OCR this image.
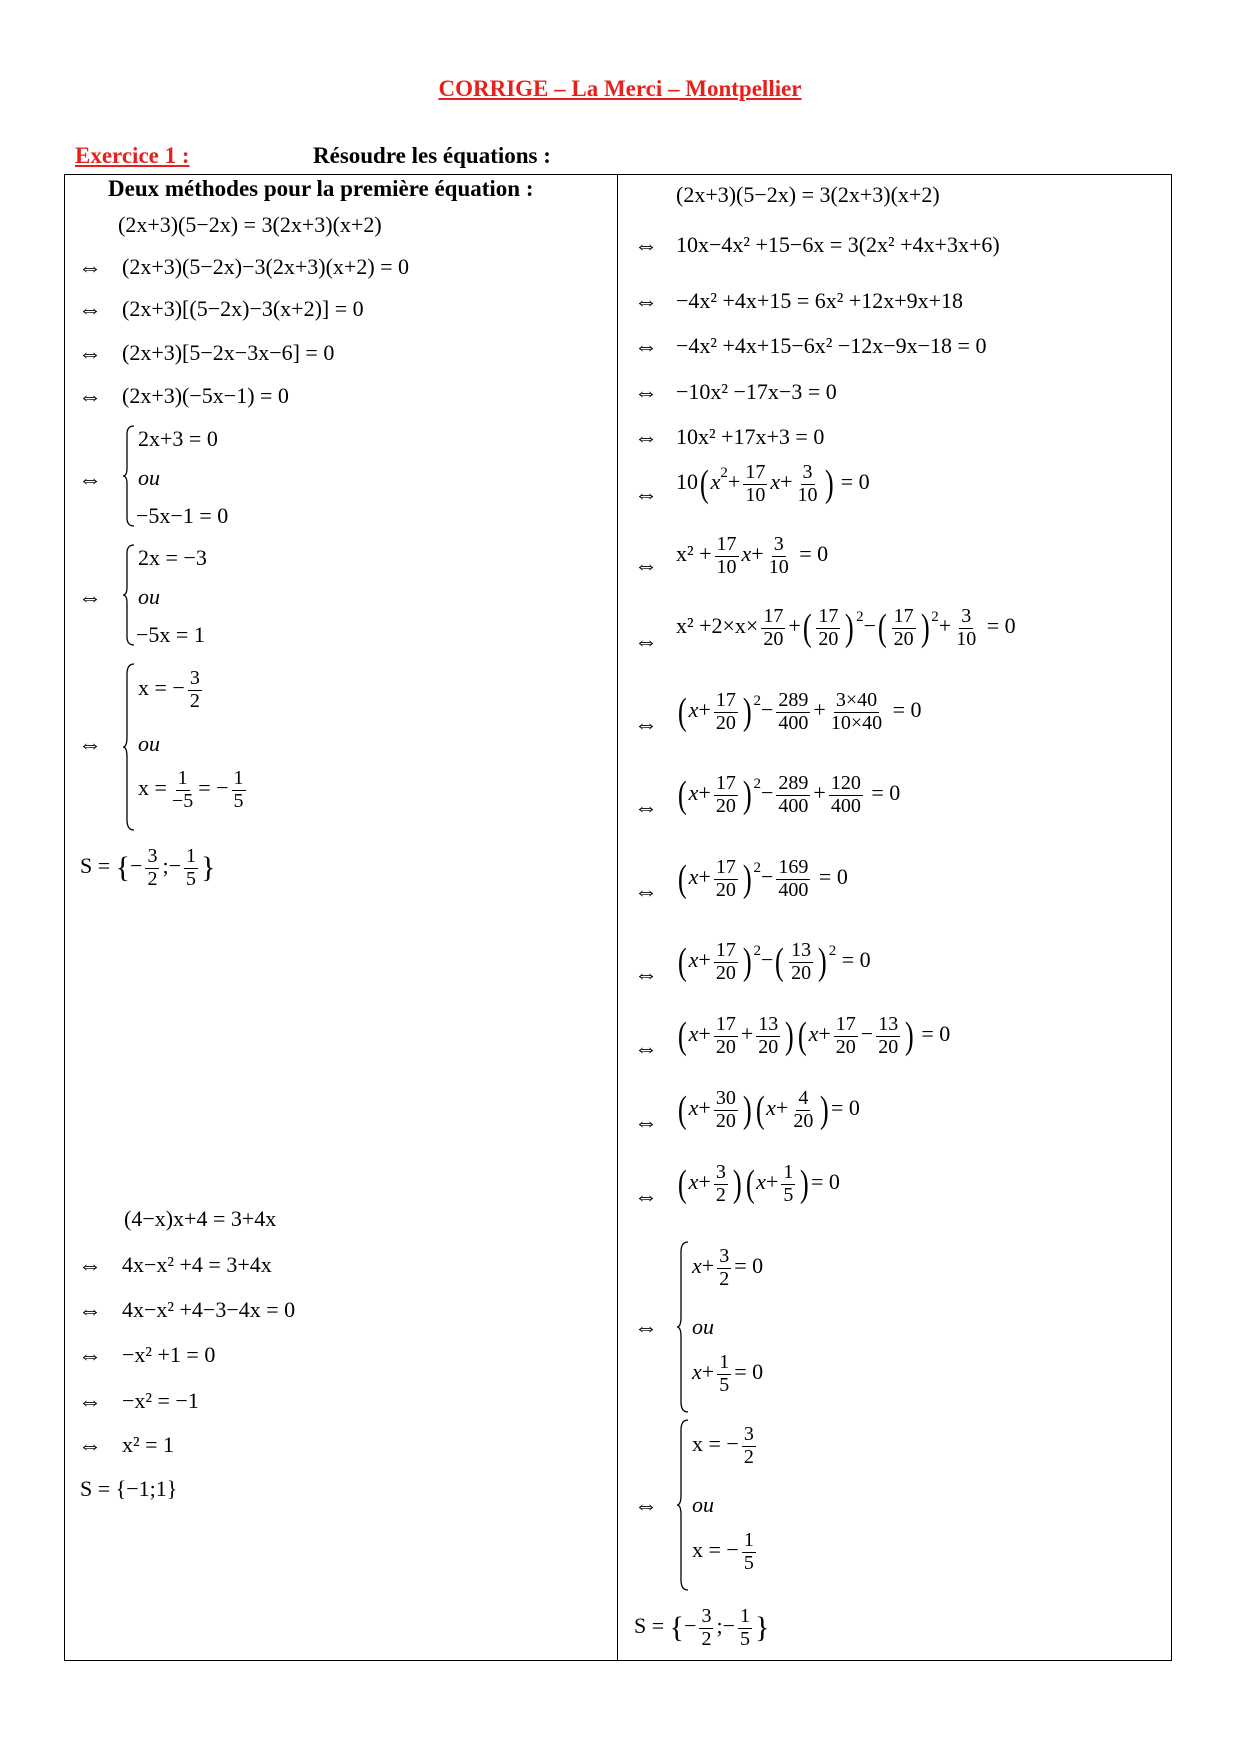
CORRIGE – La Merci – Montpellier
Exercice 1 :	Résoudre les équations :
Deux méthodes pour la première équation :
(2x+3)(5−2x) = 3(2x+3)(x+2)
⇔ (2x+3)(5−2x)−3(2x+3)(x+2) = 0
⇔ (2x+3)[(5−2x)−3(x+2)] = 0
⇔ (2x+3)[5−2x−3x−6] = 0
⇔ (2x+3)(−5x−1) = 0
⇔
2x+3 = 0
ou
−5x−1 = 0
⇔
2x = −3
ou
−5x = 1
⇔
x = − $\frac{3}{2}$
ou
$x = \frac{1}{-5}$ = − $\frac{1}{5}$
S = {− $\frac{3}{2}$ ;− $\frac{1}{5}$ }
(4−x)x+4 = 3+4x
⇔ 4x−x² +4 = 3+4x
⇔ 4x−x² +4−3−4x = 0
⇔ −x² +1 = 0
⇔ −x² = −1
⇔ x² = 1
S = {−1;1}
(2x+3)(5−2x) = 3(2x+3)(x+2)
⇔ 10x−4x² +15−6x = 3(2x² +4x+3x+6)
⇔ −4x² +4x+15 = 6x² +12x+9x+18
⇔ −4x² +4x+15−6x² −12x−9x−18 = 0
⇔ −10x² −17x−3 = 0
⇔ 10x² +17x+3 = 0
⇔
$10(x^2+ \frac{17}{10} x+ \frac{3}{10}$ ) = 0
⇔ $x^2 + \frac{17}{10} x+ \frac{3}{10} = 0$
⇔
$x^2 +2\times x\times \frac{17}{20}$ +( $\frac{17}{20}$ ) $^2-( \frac{17}{20}$ ) $^2+ \frac{3}{10} = 0$
⇔ ($x+ \frac{17}{20}$ ) $^2- \frac{289}{400} + \frac{3\times 40}{10\times 40} = 0$
⇔ ($x+ \frac{17}{20}$ ) $^2- \frac{289}{400} + \frac{120}{400} = 0$
⇔ ($x+ \frac{17}{20}$ ) $^2- \frac{169}{400} = 0$
⇔ ($x+ \frac{17}{20}$ ) $^2-( \frac{13}{20}$ ) $^2$ = 0
⇔ $(x+ \frac{17}{20} + \frac{13}{20} )(x+ \frac{17}{20} - \frac{13}{20}$ ) = 0
⇔ $(x+ \frac{30}{20} )(x+ \frac{4}{20}$ )= 0
⇔ $(x+ \frac{3}{2} )(x+ \frac{1}{5}$ )= 0
⇔
$x+ \frac{3}{2} = 0$
ou
$x+ \frac{1}{5} = 0$
⇔
x = − $\frac{3}{2}$
ou
x = − $\frac{1}{5}$
S = {− $\frac{3}{2}$ ;− $\frac{1}{5}$ }
